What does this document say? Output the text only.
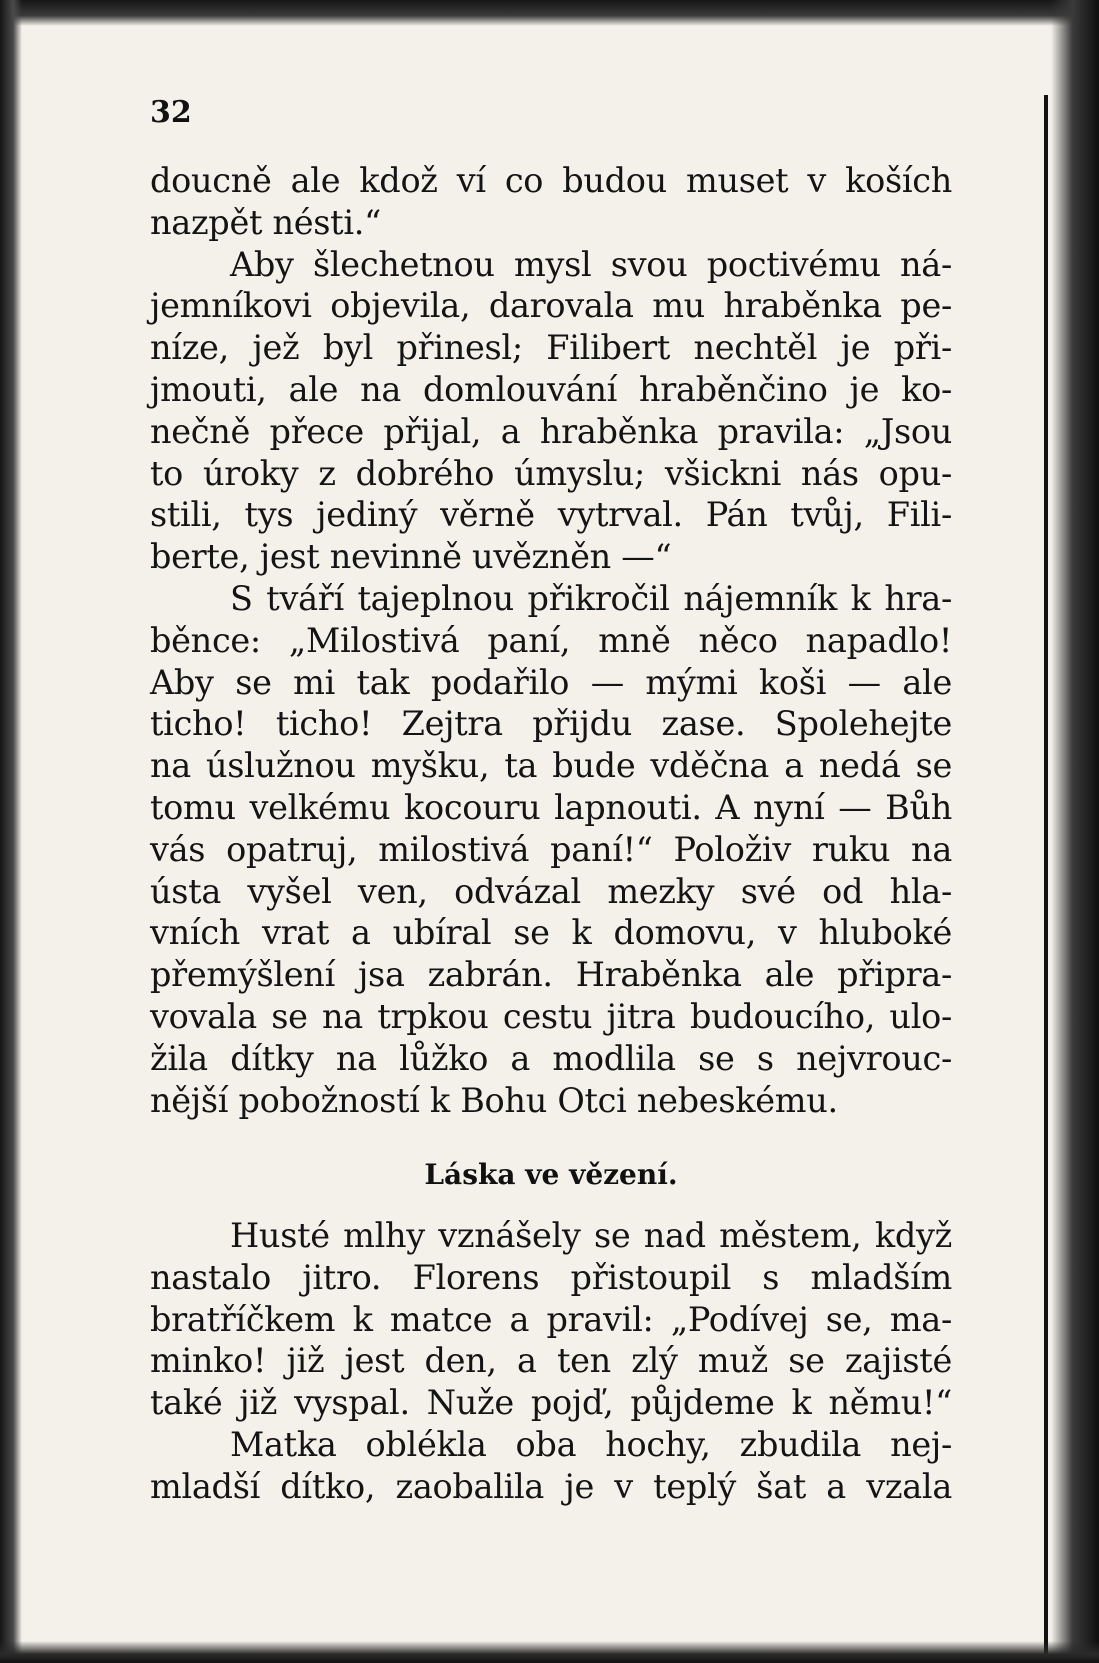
32
doucně ale kdož ví co budou muset v koších
nazpět nésti.“
Aby šlechetnou mysl svou poctivému ná-
jemníkovi objevila, darovala mu hraběnka pe-
níze, jež byl přinesl; Filibert nechtěl je při-
jmouti, ale na domlouvání hraběnčino je ko-
nečně přece přijal, a hraběnka pravila: „Jsou
to úroky z dobrého úmyslu; všickni nás opu-
stili, tys jediný věrně vytrval. Pán tvůj, Fili-
berte, jest nevinně uvězněn —“
S tváří tajeplnou přikročil nájemník k hra-
běnce: „Milostivá paní, mně něco napadlo!
Aby se mi tak podařilo — mými koši — ale
ticho! ticho! Zejtra přijdu zase. Spolehejte
na úslužnou myšku, ta bude vděčna a nedá se
tomu velkému kocouru lapnouti. A nyní — Bůh
vás opatruj, milostivá paní!“ Položiv ruku na
ústa vyšel ven, odvázal mezky své od hla-
vních vrat a ubíral se k domovu, v hluboké
přemýšlení jsa zabrán. Hraběnka ale připra-
vovala se na trpkou cestu jitra budoucího, ulo-
žila dítky na lůžko a modlila se s nejvrouc-
nější pobožností k Bohu Otci nebeskému.
Láska ve vězení.
Husté mlhy vznášely se nad městem, když
nastalo jitro. Florens přistoupil s mladším
bratříčkem k matce a pravil: „Podívej se, ma-
minko! již jest den, a ten zlý muž se zajisté
také již vyspal. Nuže pojď, půjdeme k němu!“
Matka oblékla oba hochy, zbudila nej-
mladší dítko, zaobalila je v teplý šat a vzala
